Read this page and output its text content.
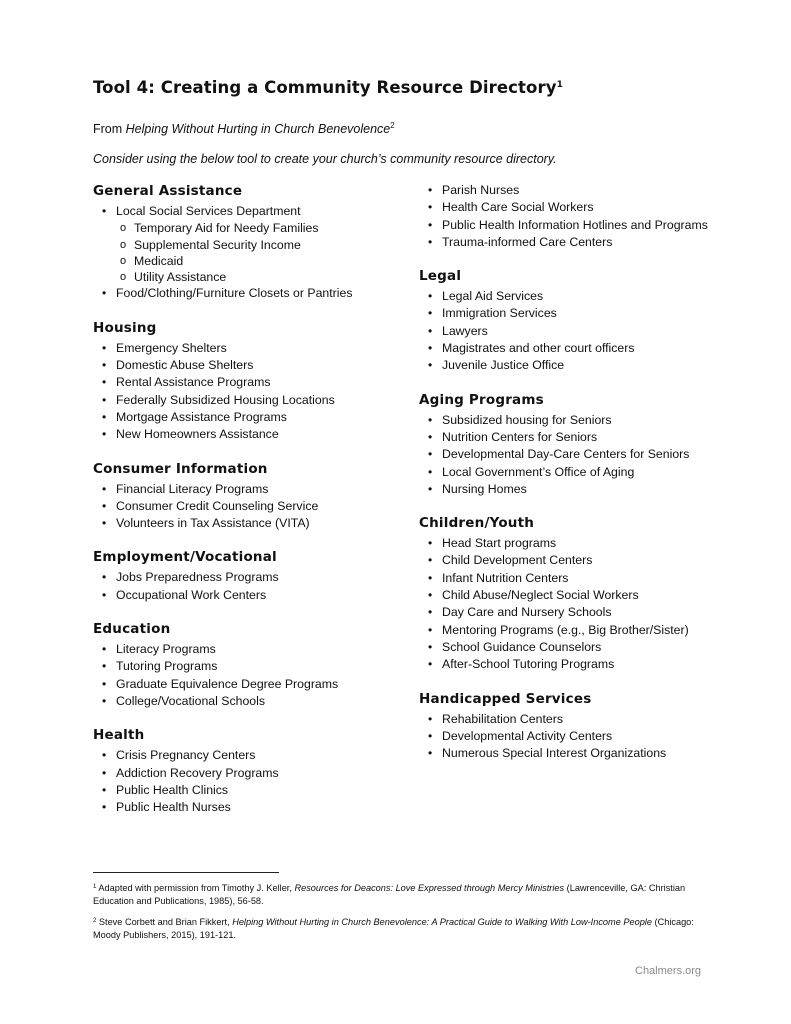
Tool 4: Creating a Community Resource Directory$^1$
From Helping Without Hurting in Church Benevolence$^2$
Consider using the below tool to create your church’s community resource directory.
General Assistance
• Local Social Services Department
o Temporary Aid for Needy Families
o Supplemental Security Income
o Medicaid
o Utility Assistance
• Food/Clothing/Furniture Closets or Pantries
Housing
• Emergency Shelters
• Domestic Abuse Shelters
• Rental Assistance Programs
• Federally Subsidized Housing Locations
• Mortgage Assistance Programs
• New Homeowners Assistance
Consumer Information
• Financial Literacy Programs
• Consumer Credit Counseling Service
• Volunteers in Tax Assistance (VITA)
Employment/Vocational
• Jobs Preparedness Programs
• Occupational Work Centers
Education
• Literacy Programs
• Tutoring Programs
• Graduate Equivalence Degree Programs
• College/Vocational Schools
Health
• Crisis Pregnancy Centers
• Addiction Recovery Programs
• Public Health Clinics
• Public Health Nurses
• Parish Nurses
• Health Care Social Workers
• Public Health Information Hotlines and Programs
• Trauma-informed Care Centers
Legal
• Legal Aid Services
• Immigration Services
• Lawyers
• Magistrates and other court officers
• Juvenile Justice Office
Aging Programs
• Subsidized housing for Seniors
• Nutrition Centers for Seniors
• Developmental Day-Care Centers for Seniors
• Local Government’s Office of Aging
• Nursing Homes
Children/Youth
• Head Start programs
• Child Development Centers
• Infant Nutrition Centers
• Child Abuse/Neglect Social Workers
• Day Care and Nursery Schools
• Mentoring Programs (e.g., Big Brother/Sister)
• School Guidance Counselors
• After-School Tutoring Programs
Handicapped Services
• Rehabilitation Centers
• Developmental Activity Centers
• Numerous Special Interest Organizations
$^1$ Adapted with permission from Timothy J. Keller, Resources for Deacons: Love Expressed through Mercy Ministries (Lawrenceville, GA: Christian Education and Publications, 1985), 56-58.
$^2$ Steve Corbett and Brian Fikkert, Helping Without Hurting in Church Benevolence: A Practical Guide to Walking With Low-Income People (Chicago: Moody Publishers, 2015), 191-121.
Chalmers.org
